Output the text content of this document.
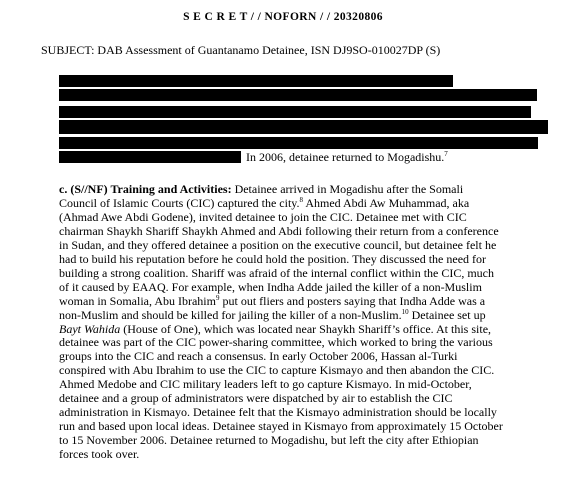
S E C R E T / / NOFORN / / 20320806
SUBJECT: DAB Assessment of Guantanamo Detainee, ISN DJ9SO-010027DP (S)
In 2006, detainee returned to Mogadishu.$^7$
c. (S//NF) Training and Activities: Detainee arrived in Mogadishu after the Somali
Council of Islamic Courts (CIC) captured the city.$^8$ Ahmed Abdi Aw Muhammad, aka
(Ahmad Awe Abdi Godene), invited detainee to join the CIC. Detainee met with CIC
chairman Shaykh Shariff Shaykh Ahmed and Abdi following their return from a conference
in Sudan, and they offered detainee a position on the executive council, but detainee felt he
had to build his reputation before he could hold the position. They discussed the need for
building a strong coalition. Shariff was afraid of the internal conflict within the CIC, much
of it caused by EAAQ. For example, when Indha Adde jailed the killer of a non-Muslim
woman in Somalia, Abu Ibrahim$^9$ put out fliers and posters saying that Indha Adde was a
non-Muslim and should be killed for jailing the killer of a non-Muslim.$^{10}$ Detainee set up
Bayt Wahida (House of One), which was located near Shaykh Shariff’s office. At this site,
detainee was part of the CIC power-sharing committee, which worked to bring the various
groups into the CIC and reach a consensus. In early October 2006, Hassan al-Turki
conspired with Abu Ibrahim to use the CIC to capture Kismayo and then abandon the CIC.
Ahmed Medobe and CIC military leaders left to go capture Kismayo. In mid-October,
detainee and a group of administrators were dispatched by air to establish the CIC
administration in Kismayo. Detainee felt that the Kismayo administration should be locally
run and based upon local ideas. Detainee stayed in Kismayo from approximately 15 October
to 15 November 2006. Detainee returned to Mogadishu, but left the city after Ethiopian
forces took over.
